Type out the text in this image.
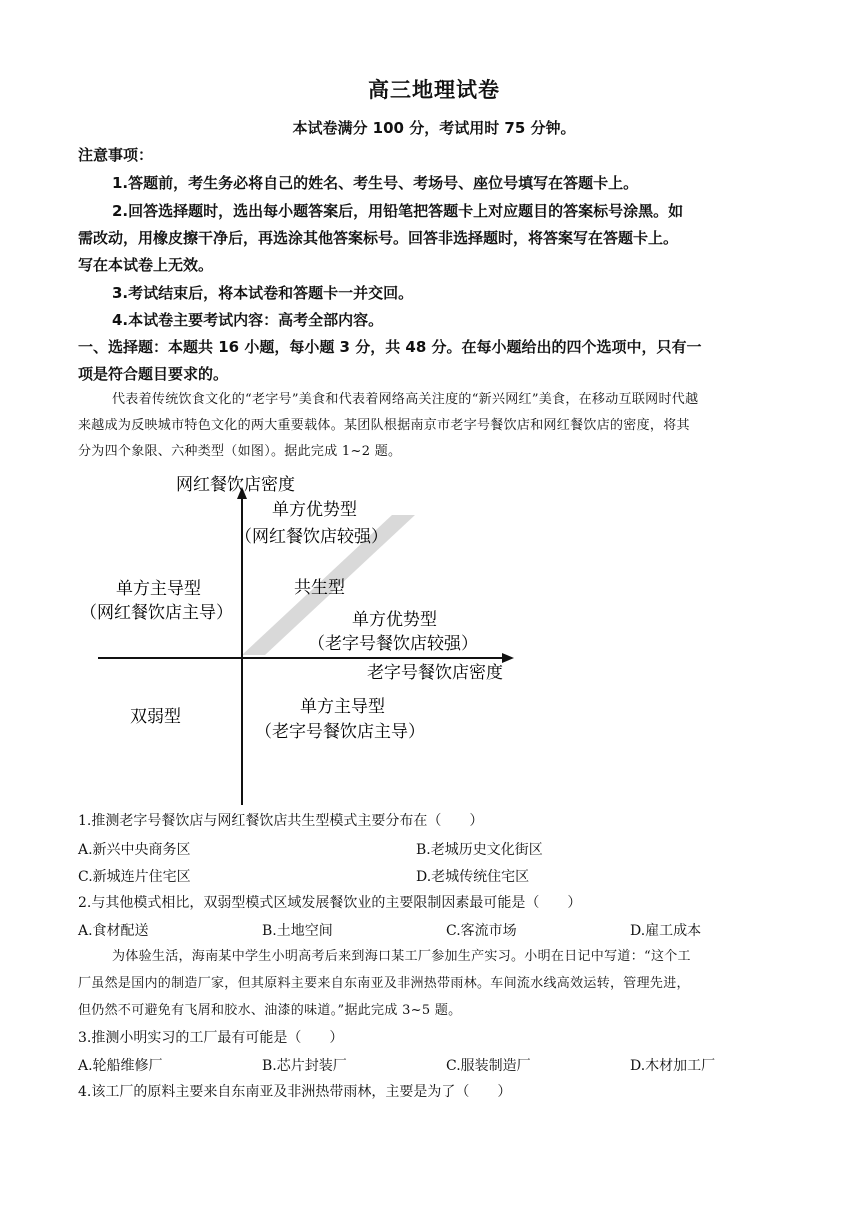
高三地理试卷
本试卷满分 100 分，考试用时 75 分钟。
注意事项：
1.答题前，考生务必将自己的姓名、考生号、考场号、座位号填写在答题卡上。
2.回答选择题时，选出每小题答案后，用铅笔把答题卡上对应题目的答案标号涂黑。如
需改动，用橡皮擦干净后，再选涂其他答案标号。回答非选择题时，将答案写在答题卡上。
写在本试卷上无效。
3.考试结束后，将本试卷和答题卡一并交回。
4.本试卷主要考试内容：高考全部内容。
一、选择题：本题共 16 小题，每小题 3 分，共 48 分。在每小题给出的四个选项中，只有一
项是符合题目要求的。
代表着传统饮食文化的“老字号”美食和代表着网络高关注度的“新兴网红”美食，在移动互联网时代越
来越成为反映城市特色文化的两大重要载体。某团队根据南京市老字号餐饮店和网红餐饮店的密度，将其
分为四个象限、六种类型（如图）。据此完成 1~2 题。
网红餐饮店密度
老字号餐饮店密度
单方优势型
（网红餐饮店较强）
单方主导型
（网红餐饮店主导）
共生型
单方优势型
（老字号餐饮店较强）
双弱型	单方主导型
（老字号餐饮店主导）
1.推测老字号餐饮店与网红餐饮店共生型模式主要分布在（　　）
A.新兴中央商务区	B.老城历史文化街区
C.新城连片住宅区	D.老城传统住宅区
2.与其他模式相比，双弱型模式区域发展餐饮业的主要限制因素最可能是（　　）
A.食材配送	B.土地空间	C.客流市场	D.雇工成本
为体验生活，海南某中学生小明高考后来到海口某工厂参加生产实习。小明在日记中写道：“这个工
厂虽然是国内的制造厂家，但其原料主要来自东南亚及非洲热带雨林。车间流水线高效运转，管理先进，
但仍然不可避免有飞屑和胶水、油漆的味道。”据此完成 3~5 题。
3.推测小明实习的工厂最有可能是（　　）
A.轮船维修厂	B.芯片封装厂	C.服装制造厂	D.木材加工厂
4.该工厂的原料主要来自东南亚及非洲热带雨林，主要是为了（　　）
